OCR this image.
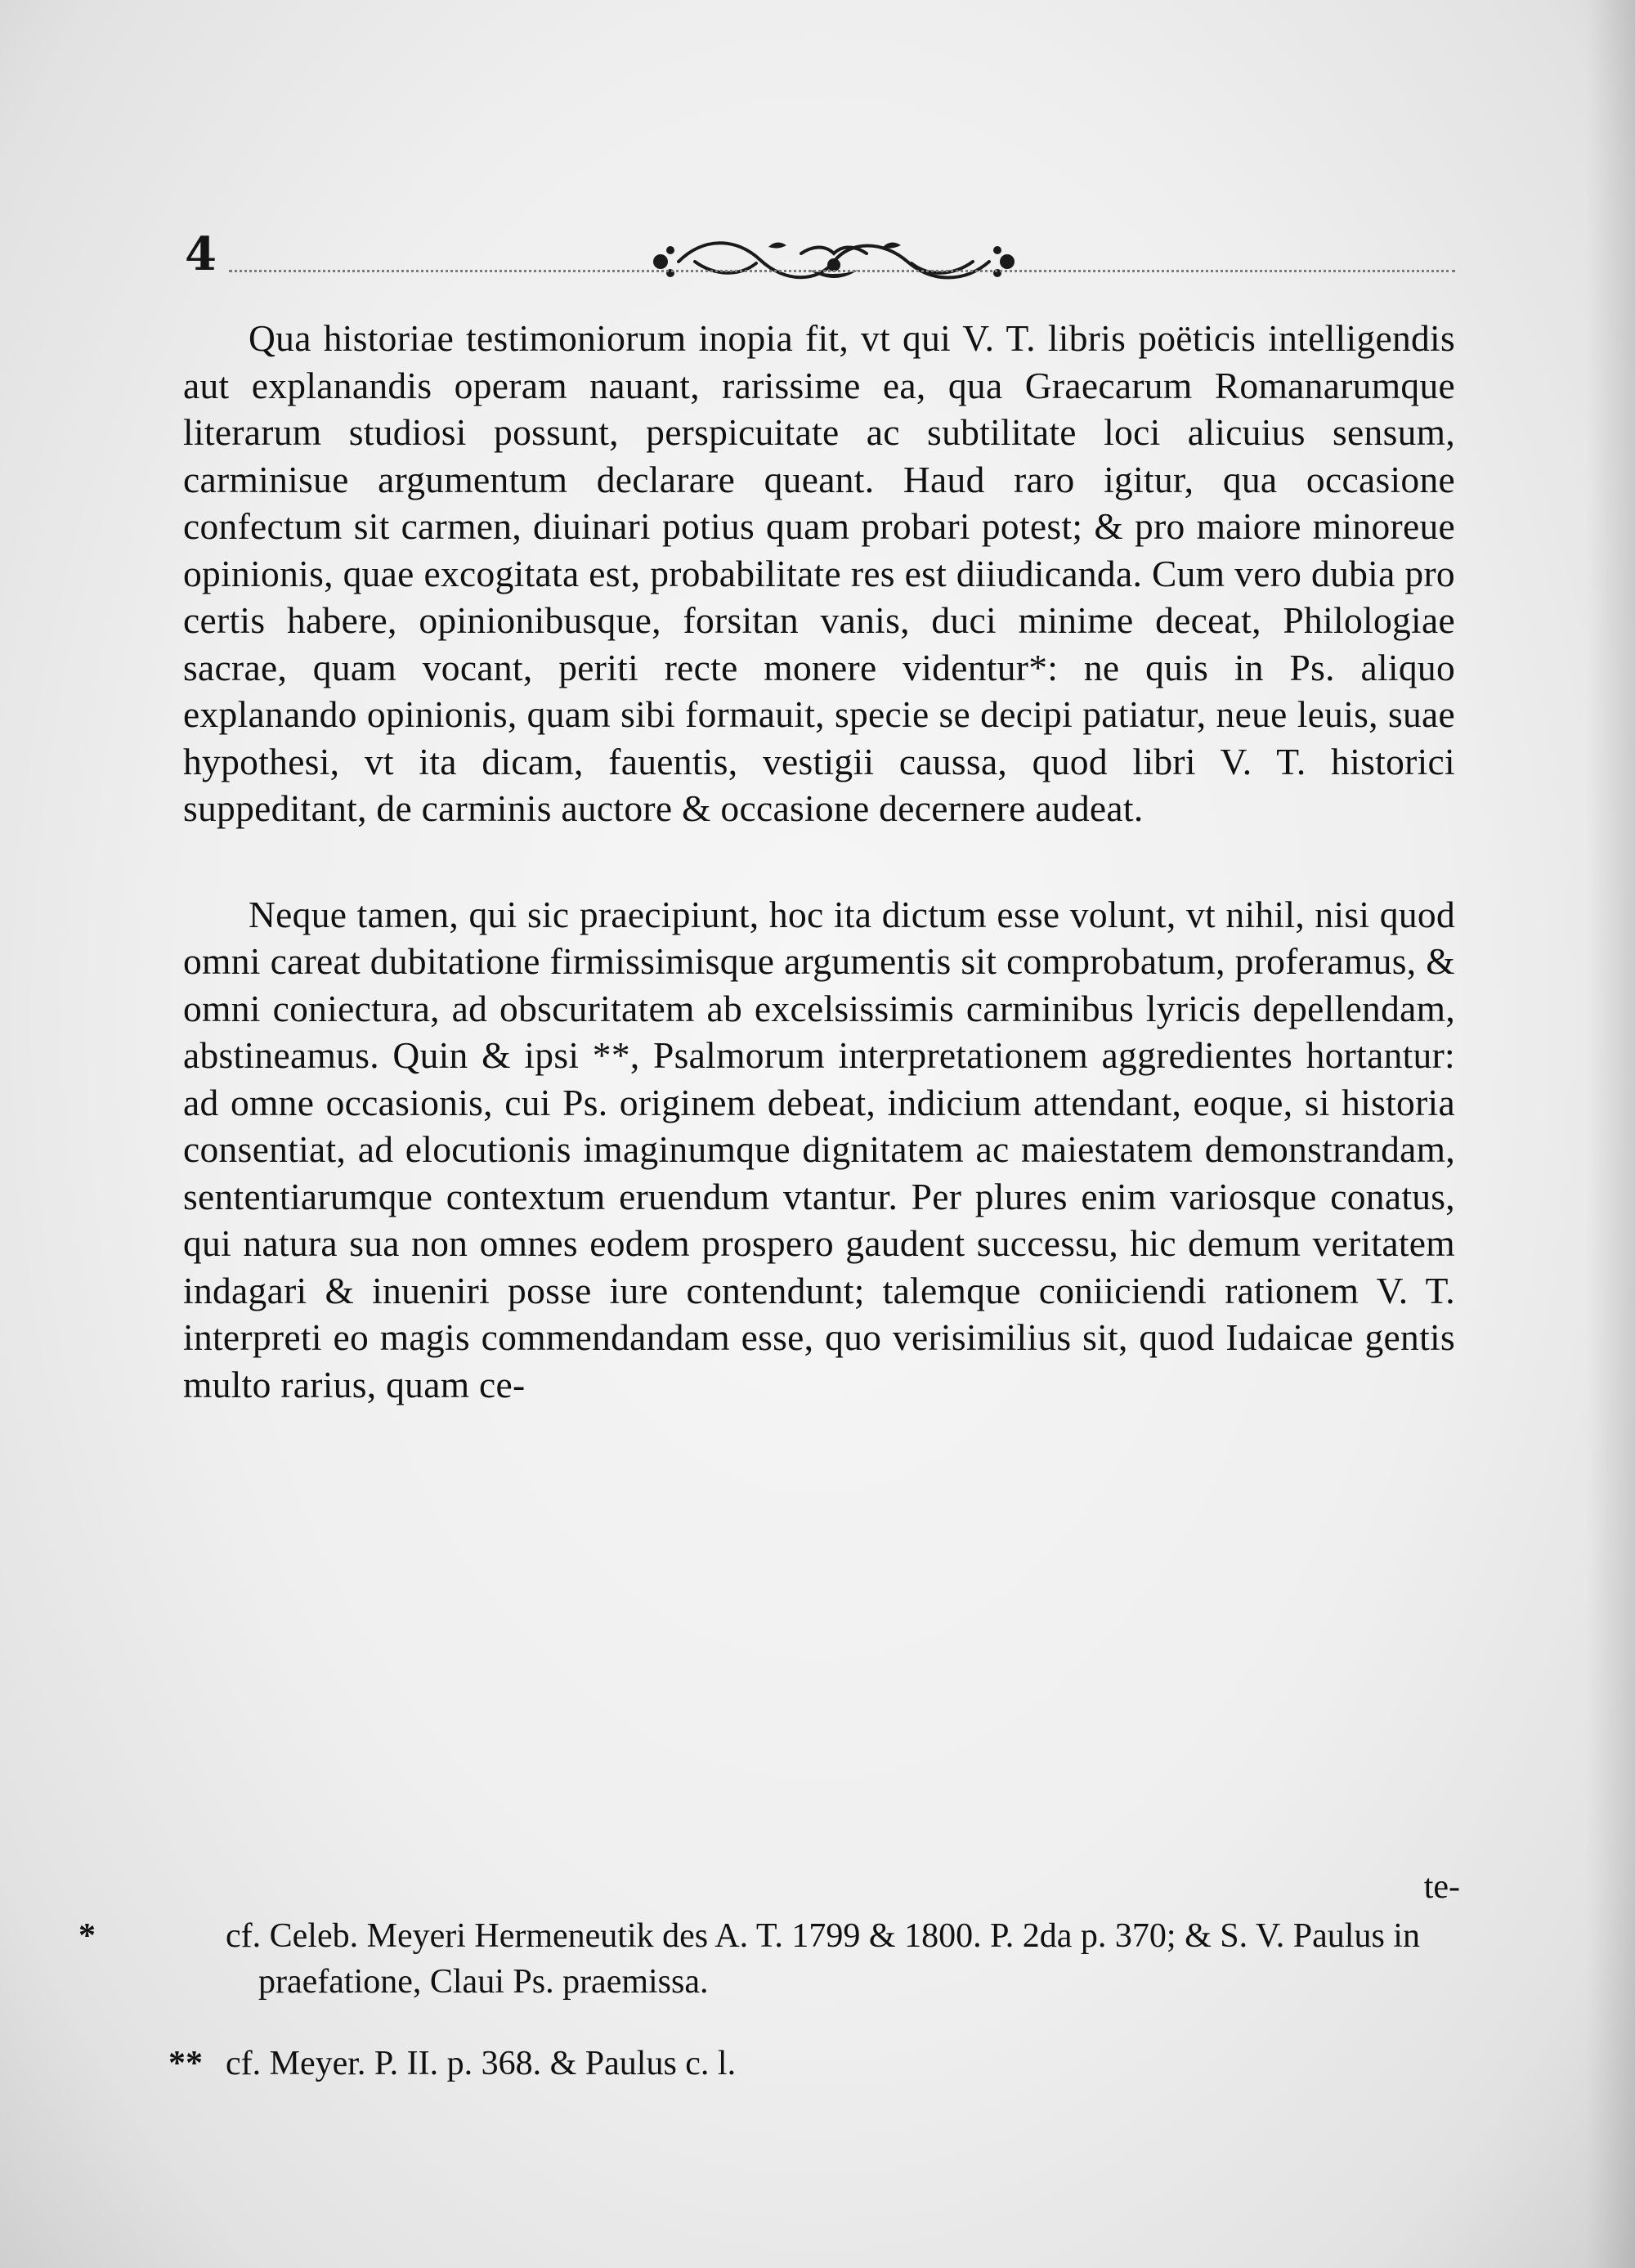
4

Qua historiae testimoniorum inopia fit, vt qui V. T. libris poëticis intelligendis aut explanandis operam nauant, rarissime ea, qua Graecarum Romanarumque literarum studiosi possunt, perspicuitate ac subtilitate loci alicuius sensum, carminisue argumentum declarare queant. Haud raro igitur, qua occasione confectum sit carmen, diuinari potius quam probari potest; & pro maiore minoreue opinionis, quae excogitata est, probabilitate res est diiudicanda. Cum vero dubia pro certis habere, opinionibusque, forsitan vanis, duci minime deceat, Philologiae sacrae, quam vocant, periti recte monere videntur*: ne quis in Ps. aliquo explanando opinionis, quam sibi formauit, specie se decipi patiatur, neue leuis, suae hypothesi, vt ita dicam, fauentis, vestigii caussa, quod libri V. T. historici suppeditant, de carminis auctore & occasione decernere audeat.

Neque tamen, qui sic praecipiunt, hoc ita dictum esse volunt, vt nihil, nisi quod omni careat dubitatione firmissimisque argumentis sit comprobatum, proferamus, & omni coniectura, ad obscuritatem ab excelsissimis carminibus lyricis depellendam, abstineamus. Quin & ipsi **, Psalmorum interpretationem aggredientes hortantur: ad omne occasionis, cui Ps. originem debeat, indicium attendant, eoque, si historia consentiat, ad elocutionis imaginumque dignitatem ac maiestatem demonstrandam, sententiarumque contextum eruendum vtantur. Per plures enim variosque conatus, qui natura sua non omnes eodem prospero gaudent successu, hic demum veritatem indagari & inueniri posse iure contendunt; talemque coniiciendi rationem V. T. interpreti eo magis commendandam esse, quo verisimilius sit, quod Iudaicae gentis multo rarius, quam ce-

te-

*	cf. Celeb. Meyeri Hermeneutik des A. T. 1799 & 1800. P. 2da p. 370; & S. V. Paulus in praefatione, Claui Ps. praemissa.

** cf. Meyer. P. II. p. 368. & Paulus c. l.
